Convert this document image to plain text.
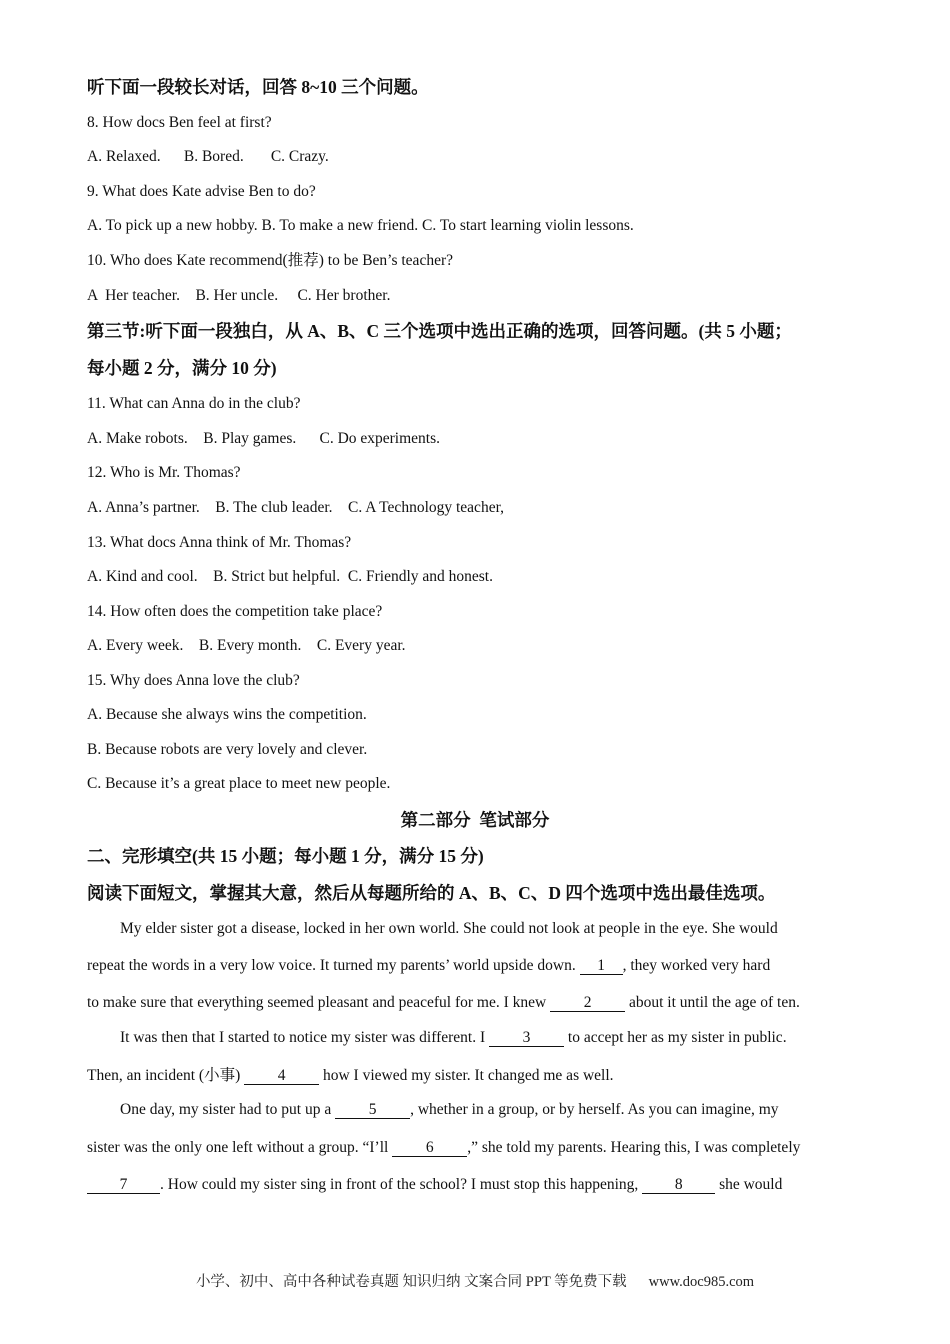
听下面一段较长对话，回答 8~10 三个问题。
8. How docs Ben feel at first?
A. Relaxed.      B. Bored.       C. Crazy.
9. What does Kate advise Ben to do?
A. To pick up a new hobby. B. To make a new friend. C. To start learning violin lessons.
10. Who does Kate recommend(推荐) to be Ben’s teacher?
A  Her teacher.    B. Her uncle.     C. Her brother.
第三节:听下面一段独白，从 A、B、C 三个选项中选出正确的选项，回答问题。(共 5 小题；
每小题 2 分，满分 10 分)
11. What can Anna do in the club?
A. Make robots.    B. Play games.      C. Do experiments.
12. Who is Mr. Thomas?
A. Anna’s partner.    B. The club leader.    C. A Technology teacher,
13. What docs Anna think of Mr. Thomas?
A. Kind and cool.    B. Strict but helpful.  C. Friendly and honest.
14. How often does the competition take place?
A. Every week.    B. Every month.    C. Every year.
15. Why does Anna love the club?
A. Because she always wins the competition.
B. Because robots are very lovely and clever.
C. Because it’s a great place to meet new people.
第二部分  笔试部分
二、完形填空(共 15 小题；每小题 1 分，满分 15 分)
阅读下面短文，掌握其大意，然后从每题所给的 A、B、C、D 四个选项中选出最佳选项。
My elder sister got a disease, locked in her own world. She could not look at people in the eye. She would
repeat the words in a very low voice. It turned my parents’ world upside down. 1 , they worked very hard
to make sure that everything seemed pleasant and peaceful for me. I knew 2 about it until the age of ten.
It was then that I started to notice my sister was different. I 3 to accept her as my sister in public.
Then, an incident (小事) 4 how I viewed my sister. It changed me as well.
One day, my sister had to put up a 5 , whether in a group, or by herself. As you can imagine, my
sister was the only one left without a group. “I’ll 6 ,” she told my parents. Hearing this, I was completely
7 . How could my sister sing in front of the school? I must stop this happening, 8 she would
小学、初中、高中各种试卷真题 知识归纳 文案合同 PPT 等免费下载 www.doc985.com
